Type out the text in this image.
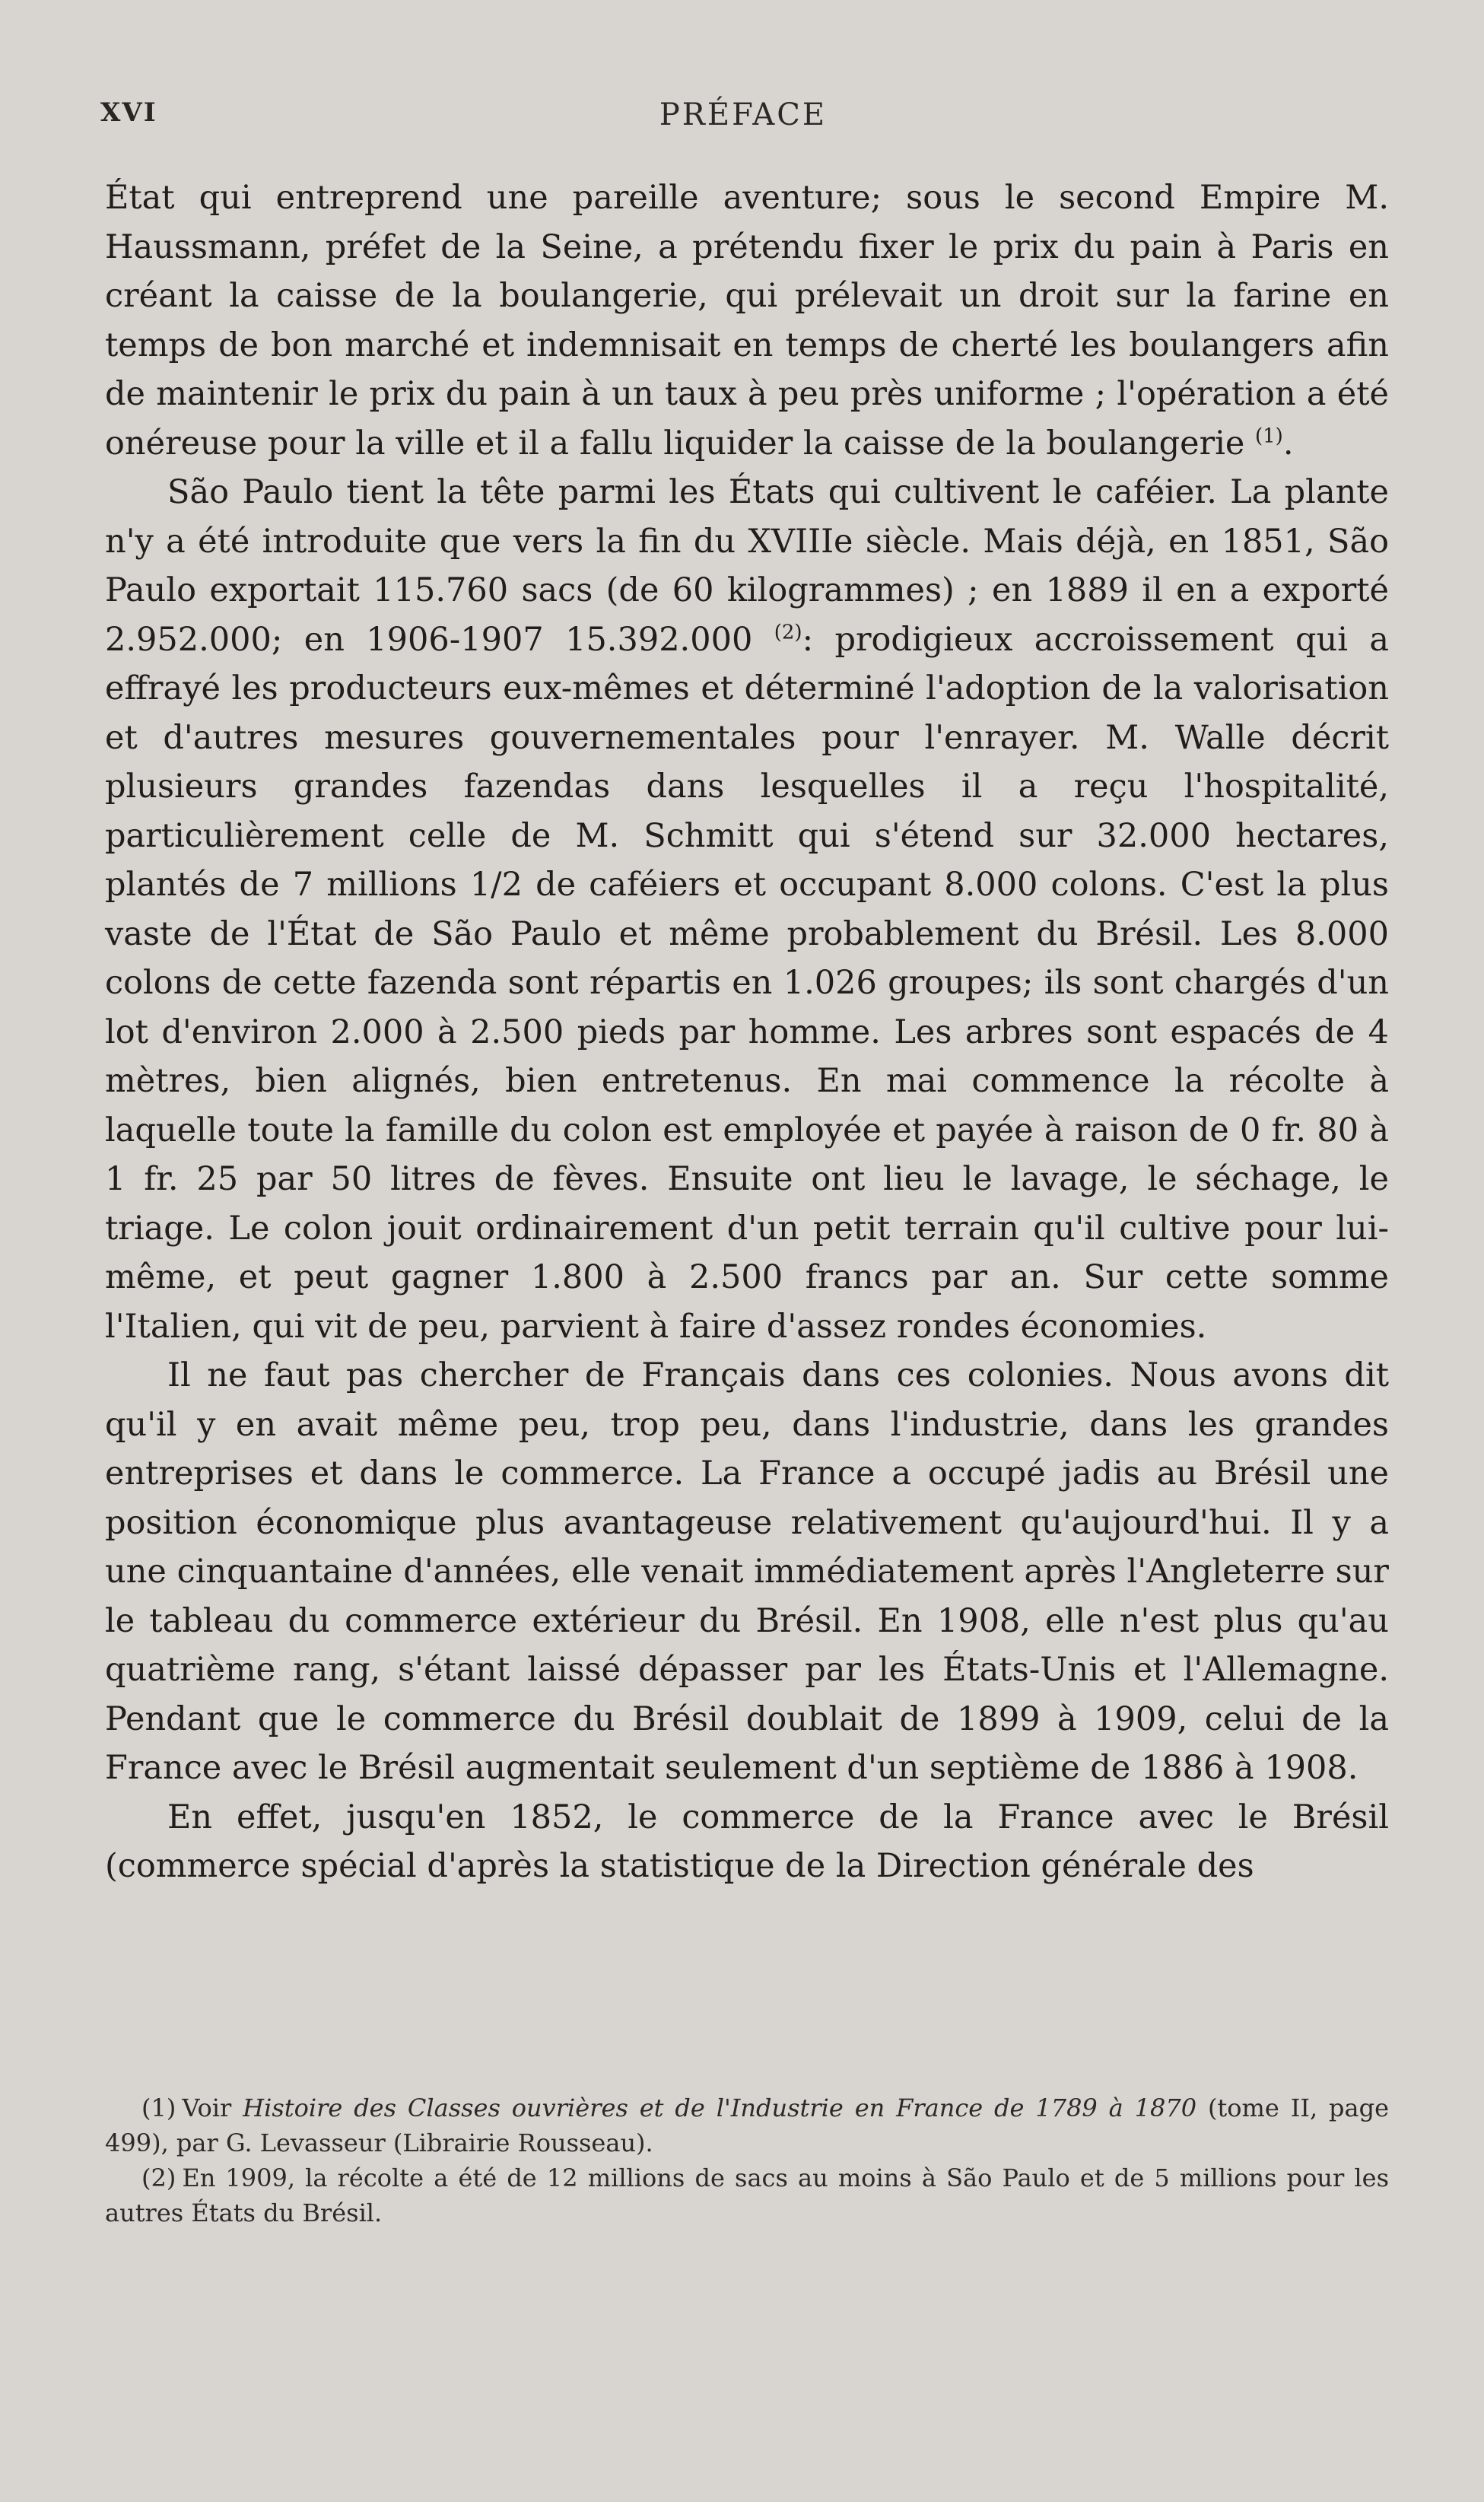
XVI	PRÉFACE

État qui entreprend une pareille aventure; sous le second Empire M. Haussmann, préfet de la Seine, a prétendu fixer le prix du pain à Paris en créant la caisse de la boulangerie, qui prélevait un droit sur la farine en temps de bon marché et indemnisait en temps de cherté les boulangers afin de maintenir le prix du pain à un taux à peu près uniforme ; l'opération a été onéreuse pour la ville et il a fallu liquider la caisse de la boulangerie $^{(1)}$.

São Paulo tient la tête parmi les États qui cultivent le caféier. La plante n'y a été introduite que vers la fin du XVIIIe siècle. Mais déjà, en 1851, São Paulo exportait 115.760 sacs (de 60 kilogrammes) ; en 1889 il en a exporté 2.952.000; en 1906-1907 15.392.000 $^{(2)}$: prodigieux accroissement qui a effrayé les producteurs eux-mêmes et déterminé l'adoption de la valorisation et d'autres mesures gouvernementales pour l'enrayer. M. Walle décrit plusieurs grandes fazendas dans lesquelles il a reçu l'hospitalité, particulièrement celle de M. Schmitt qui s'étend sur 32.000 hectares, plantés de 7 millions 1/2 de caféiers et occupant 8.000 colons. C'est la plus vaste de l'État de São Paulo et même probablement du Brésil. Les 8.000 colons de cette fazenda sont répartis en 1.026 groupes; ils sont chargés d'un lot d'environ 2.000 à 2.500 pieds par homme. Les arbres sont espacés de 4 mètres, bien alignés, bien entretenus. En mai commence la récolte à laquelle toute la famille du colon est employée et payée à raison de 0 fr. 80 à 1 fr. 25 par 50 litres de fèves. Ensuite ont lieu le lavage, le séchage, le triage. Le colon jouit ordinairement d'un petit terrain qu'il cultive pour lui-même, et peut gagner 1.800 à 2.500 francs par an. Sur cette somme l'Italien, qui vit de peu, parvient à faire d'assez rondes économies.

Il ne faut pas chercher de Français dans ces colonies. Nous avons dit qu'il y en avait même peu, trop peu, dans l'industrie, dans les grandes entreprises et dans le commerce. La France a occupé jadis au Brésil une position économique plus avantageuse relativement qu'aujourd'hui. Il y a une cinquantaine d'années, elle venait immédiatement après l'Angleterre sur le tableau du commerce extérieur du Brésil. En 1908, elle n'est plus qu'au quatrième rang, s'étant laissé dépasser par les États-Unis et l'Allemagne. Pendant que le commerce du Brésil doublait de 1899 à 1909, celui de la France avec le Brésil augmentait seulement d'un septième de 1886 à 1908.

En effet, jusqu'en 1852, le commerce de la France avec le Brésil (commerce spécial d'après la statistique de la Direction générale des

(1) Voir Histoire des Classes ouvrières et de l'Industrie en France de 1789 à 1870 (tome II, page 499), par G. Levasseur (Librairie Rousseau).

(2) En 1909, la récolte a été de 12 millions de sacs au moins à São Paulo et de 5 millions pour les autres États du Brésil.
